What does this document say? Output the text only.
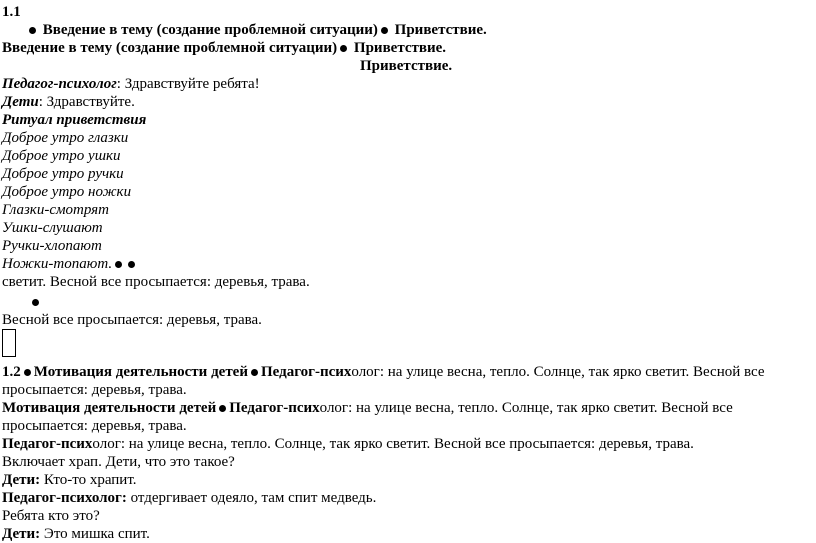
1.1
Введение в тему (создание проблемной ситуации) Приветствие.
Введение в тему (создание проблемной ситуации) Приветствие.
Приветствие.
Педагог-психолог: Здравствуйте ребята!
Дети: Здравствуйте.
Ритуал приветствия
Доброе утро глазки
Доброе утро ушки
Доброе утро ручки
Доброе утро ножки
Глазки-смотрят
Ушки-слушают
Ручки-хлопают
Ножки-топают.
светит. Весной все просыпается: деревья, трава.
Весной все просыпается: деревья, трава.
1.2 Мотивация деятельности детей Педагог-психолог: на улице весна, тепло. Солнце, так ярко светит. Весной все
просыпается: деревья, трава.
Мотивация деятельности детей Педагог-психолог: на улице весна, тепло. Солнце, так ярко светит. Весной все
просыпается: деревья, трава.
Педагог-психолог: на улице весна, тепло. Солнце, так ярко светит. Весной все просыпается: деревья, трава.
Включает храп. Дети, что это такое?
Дети: Кто-то храпит.
Педагог-психолог: отдергивает одеяло, там спит медведь.
Ребята кто это?
Дети: Это мишка спит.
